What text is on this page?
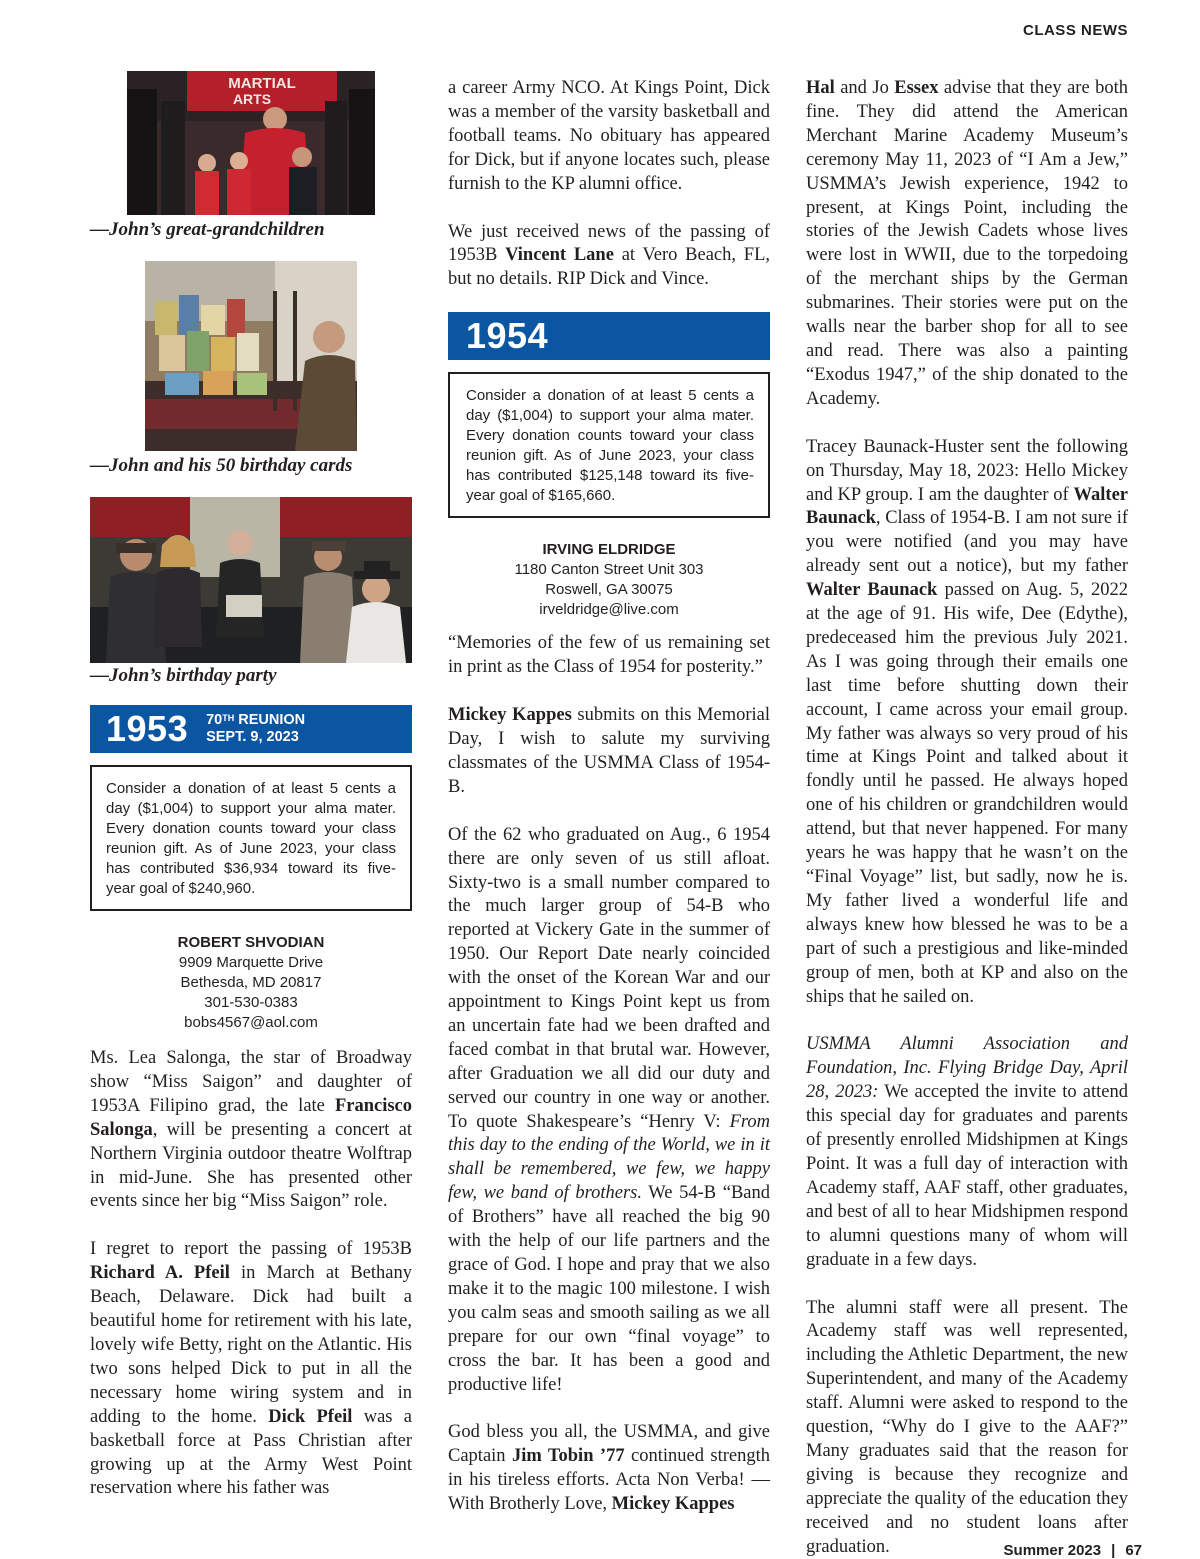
CLASS NEWS
MARTIAL
ARTS
—John’s great-grandchildren
—John and his 50 birthday cards
—John’s birthday party
1953 70TH REUNION
SEPT. 9, 2023
Consider a donation of at least 5 cents a day ($1,004) to support your alma mater. Every donation counts toward your class reunion gift. As of June 2023, your class has contributed $36,934 toward its five-year goal of $240,960.
ROBERT SHVODIAN
9909 Marquette Drive
Bethesda, MD 20817
301-530-0383
bobs4567@aol.com

Ms. Lea Salonga, the star of Broadway show “Miss Saigon” and daughter of 1953A Filipino grad, the late Francisco Salonga, will be presenting a concert at Northern Virginia outdoor theatre Wolftrap in mid-June. She has presented other events since her big “Miss Saigon” role.

I regret to report the passing of 1953B Richard A. Pfeil in March at Bethany Beach, Delaware. Dick had built a beautiful home for retirement with his late, lovely wife Betty, right on the Atlantic. His two sons helped Dick to put in all the necessary home wiring system and in adding to the home. Dick Pfeil was a basketball force at Pass Christian after growing up at the Army West Point reservation where his father was

a career Army NCO. At Kings Point, Dick was a member of the varsity basketball and football teams. No obituary has appeared for Dick, but if anyone locates such, please furnish to the KP alumni office.

We just received news of the passing of 1953B Vincent Lane at Vero Beach, FL, but no details. RIP Dick and Vince.

1954
Consider a donation of at least 5 cents a day ($1,004) to support your alma mater. Every donation counts toward your class reunion gift. As of June 2023, your class has contributed $125,148 toward its five-year goal of $165,660.
IRVING ELDRIDGE
1180 Canton Street Unit 303
Roswell, GA 30075
irveldridge@live.com

“Memories of the few of us remaining set in print as the Class of 1954 for posterity.”

Mickey Kappes submits on this Memorial Day, I wish to salute my surviving classmates of the USMMA Class of 1954-B.

Of the 62 who graduated on Aug., 6 1954 there are only seven of us still afloat. Sixty-two is a small number compared to the much larger group of 54-B who reported at Vickery Gate in the summer of 1950. Our Report Date nearly coincided with the onset of the Korean War and our appointment to Kings Point kept us from an uncertain fate had we been drafted and faced combat in that brutal war. However, after Graduation we all did our duty and served our country in one way or another. To quote Shakespeare’s “Henry V: From this day to the ending of the World, we in it shall be remembered, we few, we happy few, we band of brothers. We 54-B “Band of Brothers” have all reached the big 90 with the help of our life partners and the grace of God. I hope and pray that we also make it to the magic 100 milestone. I wish you calm seas and smooth sailing as we all prepare for our own “final voyage” to cross the bar. It has been a good and productive life!

God bless you all, the USMMA, and give Captain Jim Tobin ’77 continued strength in his tireless efforts. Acta Non Verba! —With Brotherly Love, Mickey Kappes

Hal and Jo Essex advise that they are both fine. They did attend the American Merchant Marine Academy Museum’s ceremony May 11, 2023 of “I Am a Jew,” USMMA’s Jewish experience, 1942 to present, at Kings Point, including the stories of the Jewish Cadets whose lives were lost in WWII, due to the torpedoing of the merchant ships by the German submarines. Their stories were put on the walls near the barber shop for all to see and read. There was also a painting “Exodus 1947,” of the ship donated to the Academy.

Tracey Baunack-Huster sent the following on Thursday, May 18, 2023: Hello Mickey and KP group. I am the daughter of Walter Baunack, Class of 1954-B. I am not sure if you were notified (and you may have already sent out a notice), but my father Walter Baunack passed on Aug. 5, 2022 at the age of 91. His wife, Dee (Edythe), predeceased him the previous July 2021. As I was going through their emails one last time before shutting down their account, I came across your email group. My father was always so very proud of his time at Kings Point and talked about it fondly until he passed. He always hoped one of his children or grandchildren would attend, but that never happened. For many years he was happy that he wasn’t on the “Final Voyage” list, but sadly, now he is. My father lived a wonderful life and always knew how blessed he was to be a part of such a prestigious and like-minded group of men, both at KP and also on the ships that he sailed on.

USMMA Alumni Association and Foundation, Inc. Flying Bridge Day, April 28, 2023: We accepted the invite to attend this special day for graduates and parents of presently enrolled Midshipmen at Kings Point. It was a full day of interaction with Academy staff, AAF staff, other graduates, and best of all to hear Midshipmen respond to alumni questions many of whom will graduate in a few days.

The alumni staff were all present. The Academy staff was well represented, including the Athletic Department, the new Superintendent, and many of the Academy staff. Alumni were asked to respond to the question, “Why do I give to the AAF?” Many graduates said that the reason for giving is because they recognize and appreciate the quality of the education they received and no student loans after graduation.	Summer 2023 | 67
